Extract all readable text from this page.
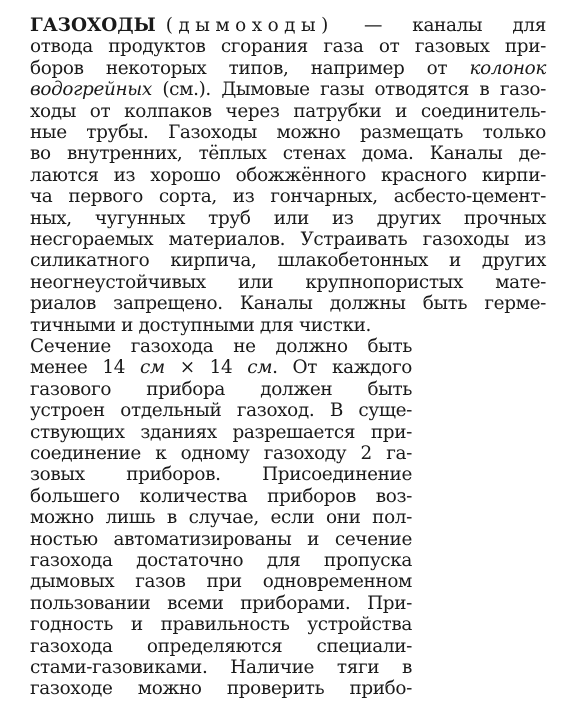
ГАЗОХОДЫ (дымоходы) — каналы для
отвода продуктов сгорания газа от газовых при-
боров некоторых типов, например от колонок
водогрейных (см.). Дымовые газы отводятся в газо-
ходы от колпаков через патрубки и соединитель-
ные трубы. Газоходы можно размещать только
во внутренних, тёплых стенах дома. Каналы де-
лаются из хорошо обожжённого красного кирпи-
ча первого сорта, из гончарных, асбесто-цемент-
ных, чугунных труб или из других прочных
несгораемых материалов. Устраивать газоходы из
силикатного кирпича, шлакобетонных и других
неогнеустойчивых или крупнопористых мате-
риалов запрещено. Каналы должны быть герме-
тичными и доступными для чистки.
Сечение газохода не должно быть
менее 14 см × 14 см. От каждого
газового прибора должен быть
устроен отдельный газоход. В суще-
ствующих зданиях разрешается при-
соединение к одному газоходу 2 га-
зовых приборов. Присоединение
большего количества приборов воз-
можно лишь в случае, если они пол-
ностью автоматизированы и сечение
газохода достаточно для пропуска
дымовых газов при одновременном
пользовании всеми приборами. При-
годность и правильность устройства
газохода определяются специали-
стами-газовиками. Наличие тяги в
газоходе можно проверить прибо-
